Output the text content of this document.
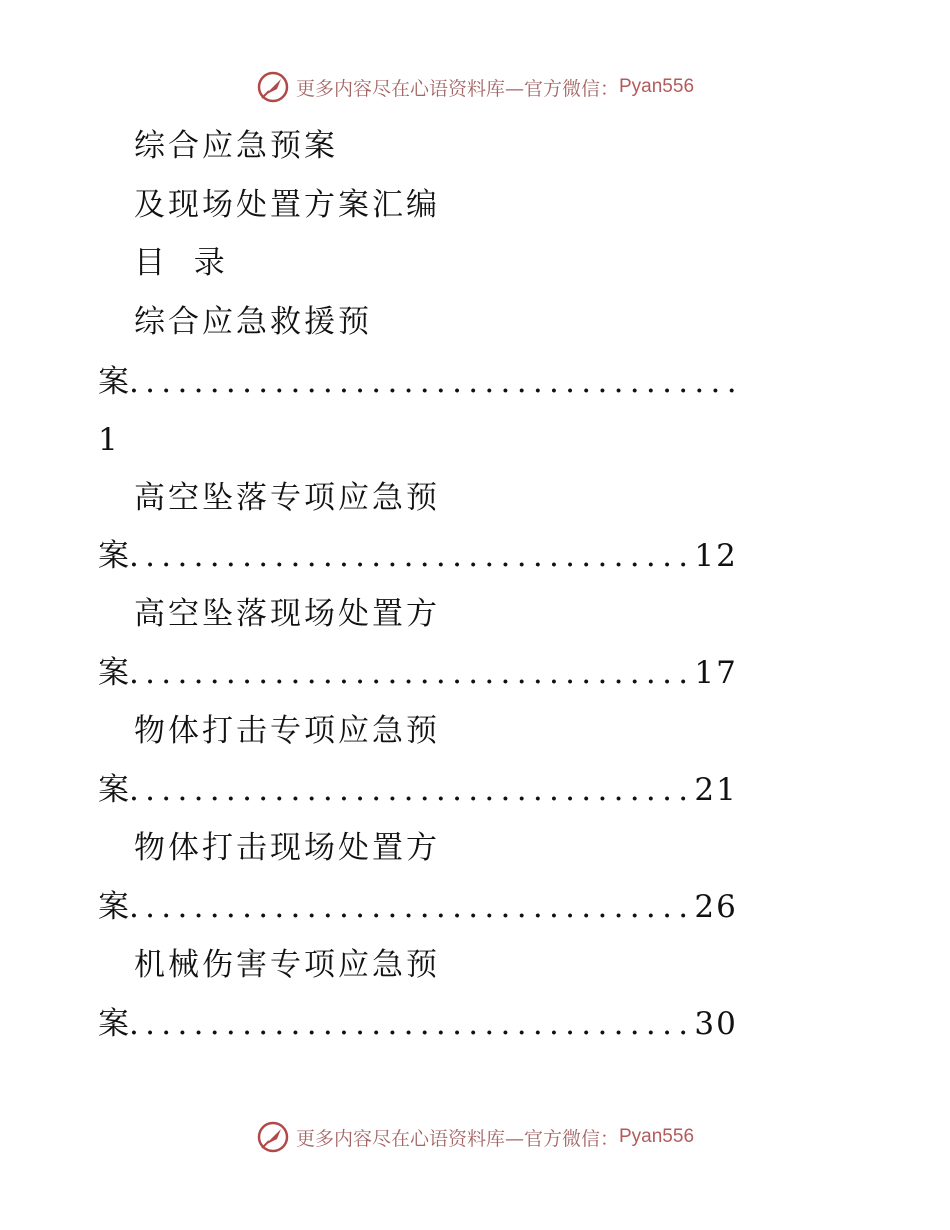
更多内容尽在心语资料库—官方微信： Pyan556
综合应急预案
及现场处置方案汇编
目  录
综合应急救援预
案 ......................................
1
高空坠落专项应急预
案 ................................... 12
高空坠落现场处置方
案 ................................... 17
物体打击专项应急预
案 ................................... 21
物体打击现场处置方
案 ................................... 26
机械伤害专项应急预
案 ................................... 30
更多内容尽在心语资料库—官方微信： Pyan556
